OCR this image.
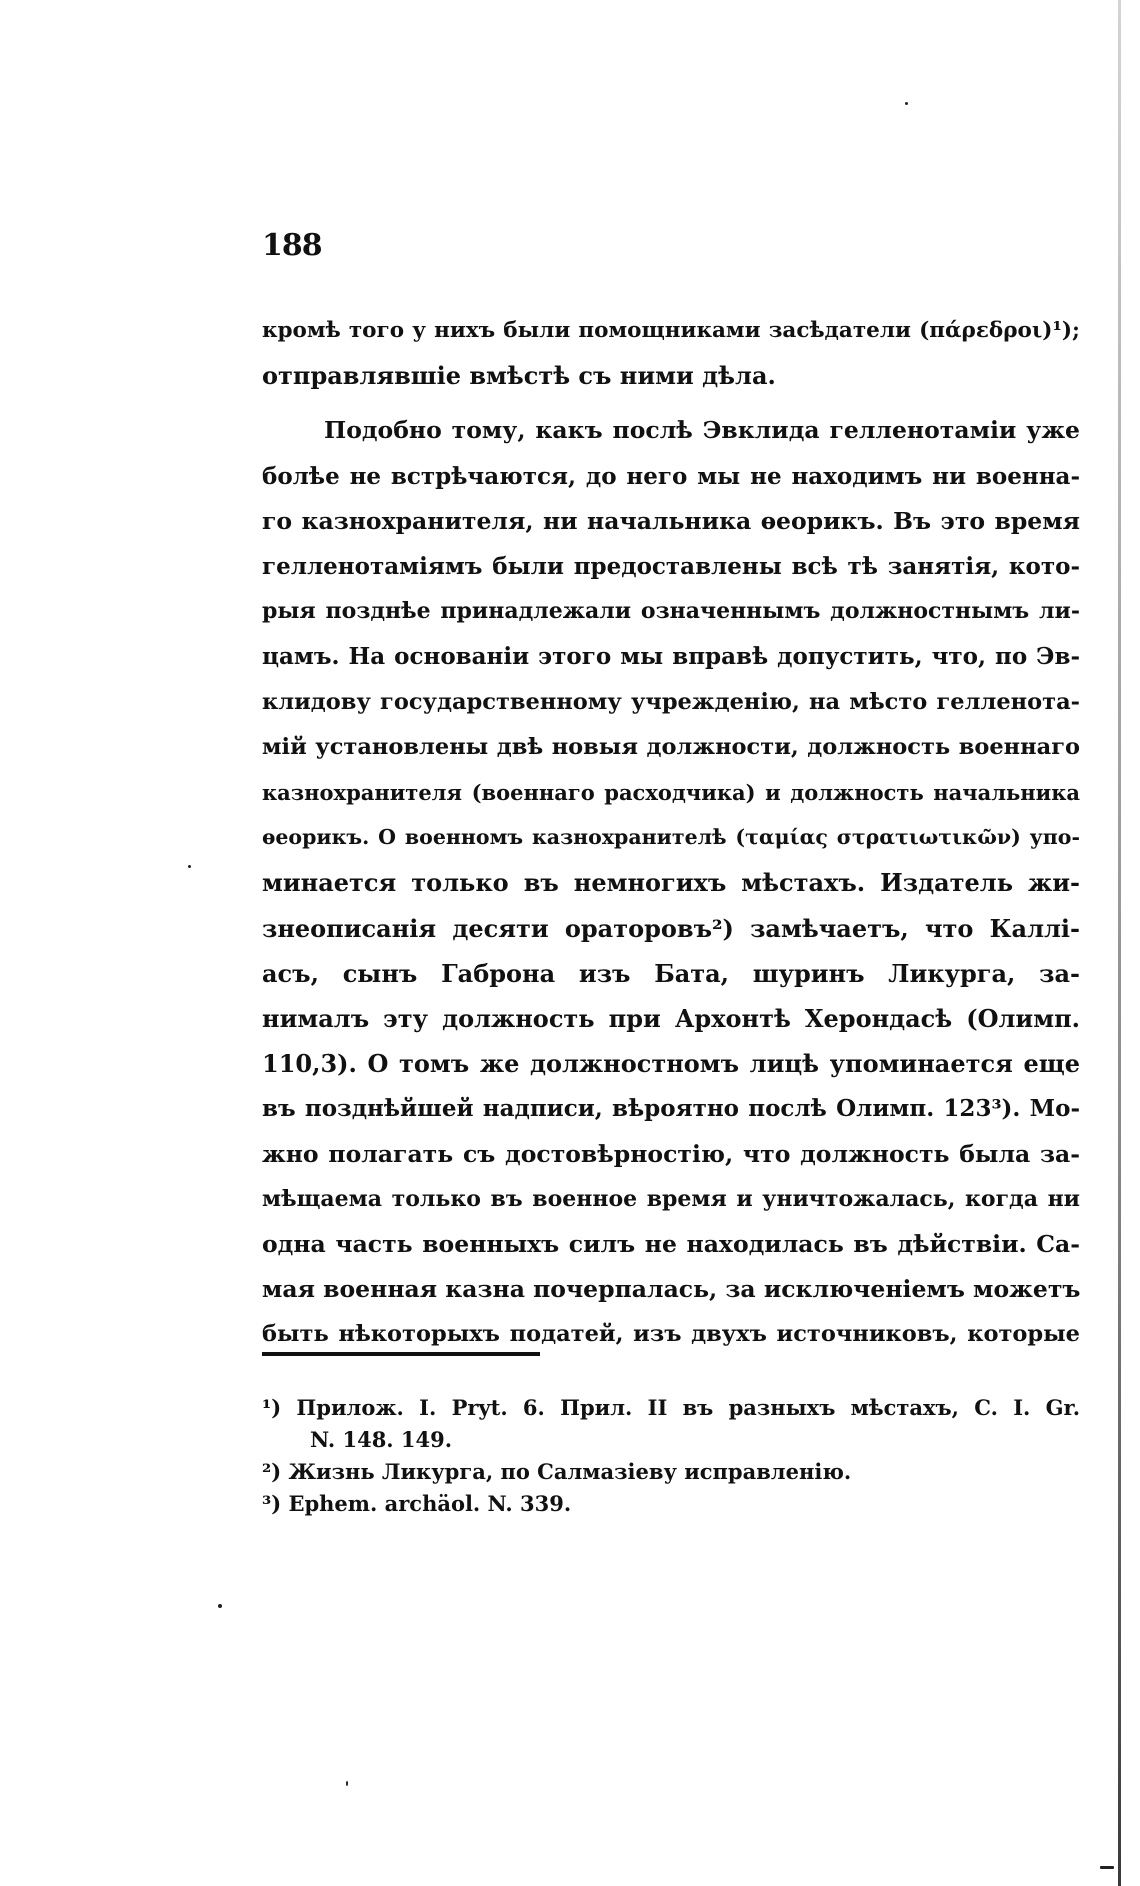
188
кромѣ того у нихъ были помощниками засѣдатели (πάρεδροι)¹);
отправлявшіе вмѣстѣ съ ними дѣла.
Подобно тому, какъ послѣ Эвклида гелленотаміи уже
болѣе не встрѣчаются, до него мы не находимъ ни военна-
го казнохранителя, ни начальника ѳеорикъ. Въ это время
гелленотаміямъ были предоставлены всѣ тѣ занятія, кото-
рыя позднѣе принадлежали означеннымъ должностнымъ ли-
цамъ. На основаніи этого мы вправѣ допустить, что, по Эв-
клидову государственному учрежденію, на мѣсто гелленота-
мій установлены двѣ новыя должности, должность военнаго
казнохранителя (военнаго расходчика) и должность начальника
ѳеорикъ. О военномъ казнохранителѣ (ταμίας στρατιωτικῶν) упо-
минается только въ немногихъ мѣстахъ. Издатель жи-
знеописанія десяти ораторовъ²) замѣчаетъ, что Каллі-
асъ, сынъ Габрона изъ Бата, шуринъ Ликурга, за-
нималъ эту должность при Архонтѣ Херондасѣ (Олимп.
110,3). О томъ же должностномъ лицѣ упоминается еще
въ позднѣйшей надписи, вѣроятно послѣ Олимп. 123³). Мо-
жно полагать съ достовѣрностію, что должность была за-
мѣщаема только въ военное время и уничтожалась, когда ни
одна часть военныхъ силъ не находилась въ дѣйствіи. Са-
мая военная казна почерпалась, за исключеніемъ можетъ
быть нѣкоторыхъ податей, изъ двухъ источниковъ, которые
¹) Прилож. I. Pryt. 6. Прил. II въ разныхъ мѣстахъ, C. I. Gr.
N. 148. 149.
²) Жизнь Ликурга, по Салмазіеву исправленію.
³) Ephem. archäol. N. 339.
